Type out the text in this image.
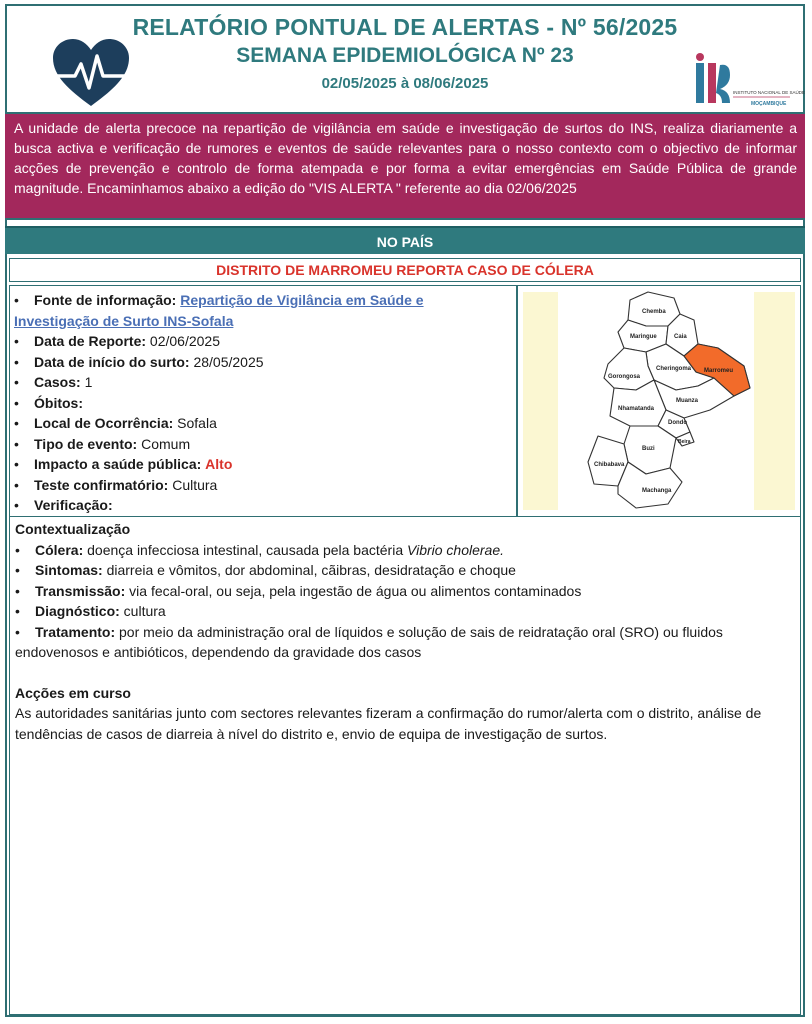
RELATÓRIO PONTUAL DE ALERTAS - Nº 56/2025
SEMANA EPIDEMIOLÓGICA Nº 23
02/05/2025 à 08/06/2025
INSTITUTO NACIONAL DE SAÚDE
MOÇAMBIQUE

A unidade de alerta precoce na repartição de vigilância em saúde e investigação de surtos do INS, realiza diariamente a busca activa e verificação de rumores e eventos de saúde relevantes para o nosso contexto com o objectivo de informar acções de prevenção e controlo de forma atempada e por forma a evitar emergências em Saúde Pública de grande magnitude. Encaminhamos abaixo a edição do "VIS ALERTA " referente ao dia 02/06/2025

NO PAÍS
DISTRITO DE MARROMEU REPORTA CASO DE CÓLERA
• Fonte de informação: Repartição de Vigilância em Saúde e Investigação de Surto INS-Sofala
• Data de Reporte: 02/06/2025
• Data de início do surto: 28/05/2025
• Casos: 1
• Óbitos:
• Local de Ocorrência: Sofala
• Tipo de evento: Comum
• Impacto a saúde pública: Alto
• Teste confirmatório: Cultura
• Verificação:
Chemba
Maringue	Caia
Marromeu
Cheringoma
Gorongosa
Muanza
Nhamatanda
Dondo
Beira
Buzi
Chibabava
Machanga

Contextualização

• Cólera: doença infecciosa intestinal, causada pela bactéria Vibrio cholerae.

• Sintomas: diarreia e vômitos, dor abdominal, cãibras, desidratação e choque

• Transmissão: via fecal-oral, ou seja, pela ingestão de água ou alimentos contaminados

• Diagnóstico: cultura

• Tratamento: por meio da administração oral de líquidos e solução de sais de reidratação oral (SRO) ou fluidos endovenosos e antibióticos, dependendo da gravidade dos casos

Acções em curso

As autoridades sanitárias junto com sectores relevantes fizeram a confirmação do rumor/alerta com o distrito, análise de tendências de casos de diarreia à nível do distrito e, envio de equipa de investigação de surtos.
